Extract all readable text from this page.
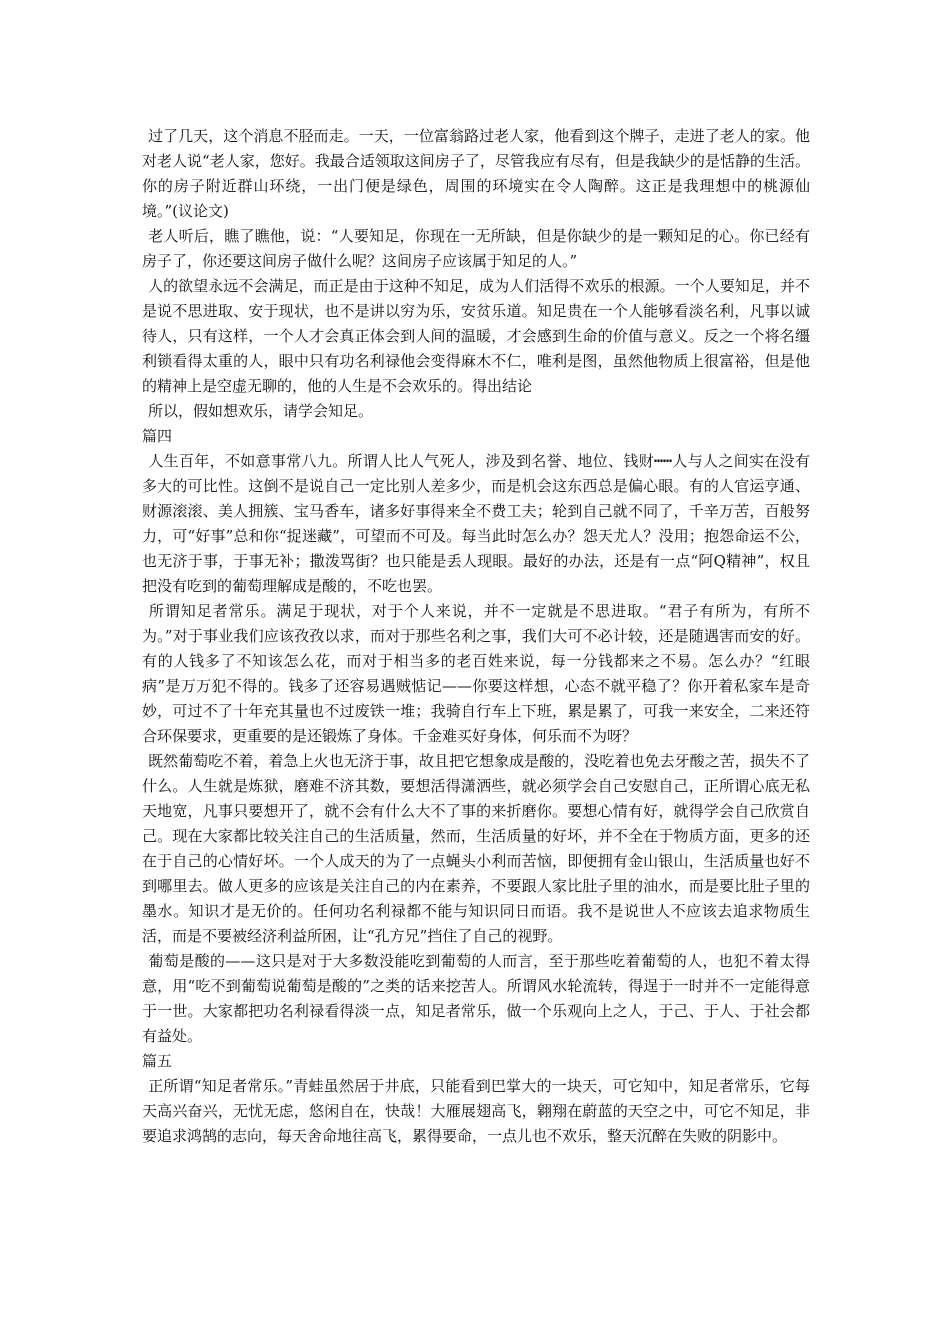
过了几天，这个消息不胫而走。一天，一位富翁路过老人家，他看到这个牌子，走进了老人的家。他对老人说“老人家，您好。我最合适领取这间房子了，尽管我应有尽有，但是我缺少的是恬静的生活。你的房子附近群山环绕，一出门便是绿色，周围的环境实在令人陶醉。这正是我理想中的桃源仙境。”(议论文)

老人听后，瞧了瞧他，说：“人要知足，你现在一无所缺，但是你缺少的是一颗知足的心。你已经有房子了，你还要这间房子做什么呢？这间房子应该属于知足的人。”

人的欲望永远不会满足，而正是由于这种不知足，成为人们活得不欢乐的根源。一个人要知足，并不是说不思进取、安于现状，也不是讲以穷为乐，安贫乐道。知足贵在一个人能够看淡名利，凡事以诚待人，只有这样，一个人才会真正体会到人间的温暖，才会感到生命的价值与意义。反之一个将名缰利锁看得太重的人，眼中只有功名利禄他会变得麻木不仁，唯利是图，虽然他物质上很富裕，但是他的精神上是空虚无聊的，他的人生是不会欢乐的。得出结论

所以，假如想欢乐，请学会知足。

篇四

人生百年，不如意事常八九。所谓人比人气死人，涉及到名誉、地位、钱财┅┅人与人之间实在没有多大的可比性。这倒不是说自己一定比别人差多少，而是机会这东西总是偏心眼。有的人官运亨通、财源滚滚、美人拥簇、宝马香车，诸多好事得来全不费工夫；轮到自己就不同了，千辛万苦，百般努力，可“好事”总和你“捉迷藏”，可望而不可及。每当此时怎么办？怨天尤人？没用；抱怨命运不公，也无济于事，于事无补；撒泼骂街？也只能是丢人现眼。最好的办法，还是有一点“阿Q精神”，权且把没有吃到的葡萄理解成是酸的，不吃也罢。

所谓知足者常乐。满足于现状，对于个人来说，并不一定就是不思进取。“君子有所为，有所不为。”对于事业我们应该孜孜以求，而对于那些名利之事，我们大可不必计较，还是随遇害而安的好。有的人钱多了不知该怎么花，而对于相当多的老百姓来说，每一分钱都来之不易。怎么办？“红眼病”是万万犯不得的。钱多了还容易遇贼惦记——你要这样想，心态不就平稳了？你开着私家车是奇妙，可过不了十年充其量也不过废铁一堆；我骑自行车上下班，累是累了，可我一来安全，二来还符合环保要求，更重要的是还锻炼了身体。千金难买好身体，何乐而不为呀？

既然葡萄吃不着，着急上火也无济于事，故且把它想象成是酸的，没吃着也免去牙酸之苦，损失不了什么。人生就是炼狱，磨难不济其数，要想活得潇洒些，就必须学会自己安慰自己，正所谓心底无私天地宽，凡事只要想开了，就不会有什么大不了事的来折磨你。要想心情有好，就得学会自己欣赏自己。现在大家都比较关注自己的生活质量，然而，生活质量的好坏，并不全在于物质方面，更多的还在于自己的心情好坏。一个人成天的为了一点蝇头小利而苦恼，即便拥有金山银山，生活质量也好不到哪里去。做人更多的应该是关注自己的内在素养，不要跟人家比肚子里的油水，而是要比肚子里的墨水。知识才是无价的。任何功名利禄都不能与知识同日而语。我不是说世人不应该去追求物质生活，而是不要被经济利益所困，让“孔方兄”挡住了自己的视野。

葡萄是酸的——这只是对于大多数没能吃到葡萄的人而言，至于那些吃着葡萄的人，也犯不着太得意，用“吃不到葡萄说葡萄是酸的”之类的话来挖苦人。所谓风水轮流转，得逞于一时并不一定能得意于一世。大家都把功名利禄看得淡一点，知足者常乐，做一个乐观向上之人，于己、于人、于社会都有益处。

篇五

正所谓“知足者常乐。”青蛙虽然居于井底，只能看到巴掌大的一块天，可它知中，知足者常乐，它每天高兴奋兴，无忧无虑，悠闲自在，快哉！大雁展翅高飞，翱翔在蔚蓝的天空之中，可它不知足，非要追求鸿鹄的志向，每天舍命地往高飞，累得要命，一点儿也不欢乐，整天沉醉在失败的阴影中。
